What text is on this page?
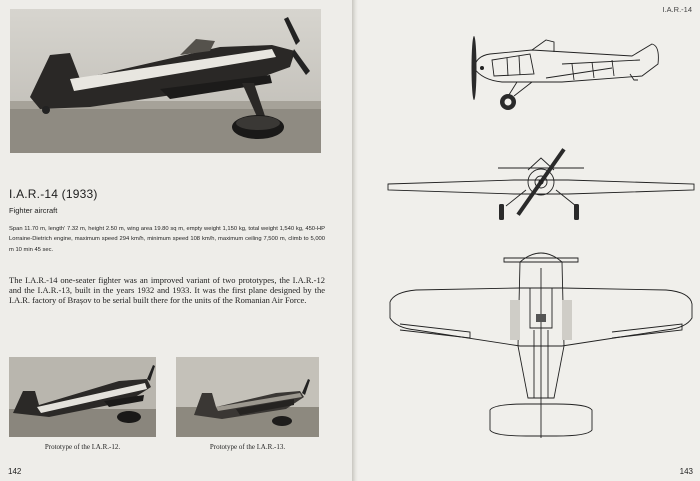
I.A.R.-14 (1933)
Fighter aircraft
Span 11.70 m, length' 7.32 m, height 2.50 m, wing area 19.80 sq m, empty weight 1,150 kg, total weight 1,540 kg, 450-HP Lorraine-Dietrich engine, maximum speed 294 km/h, minimum speed 108 km/h, maximum ceiling 7,500 m, climb to 5,000 m 10 min 45 sec.
The I.A.R.-14 one-seater fighter was an improved variant of two prototypes, the I.A.R.-12 and the I.A.R.-13, built in the years 1932 and 1933. It was the first plane designed by the I.A.R. factory of Brașov to be serial built there for the units of the Romanian Air Force.
Prototype of the I.A.R.-12.	Prototype of the I.A.R.-13.
142
I.A.R.-14
143
